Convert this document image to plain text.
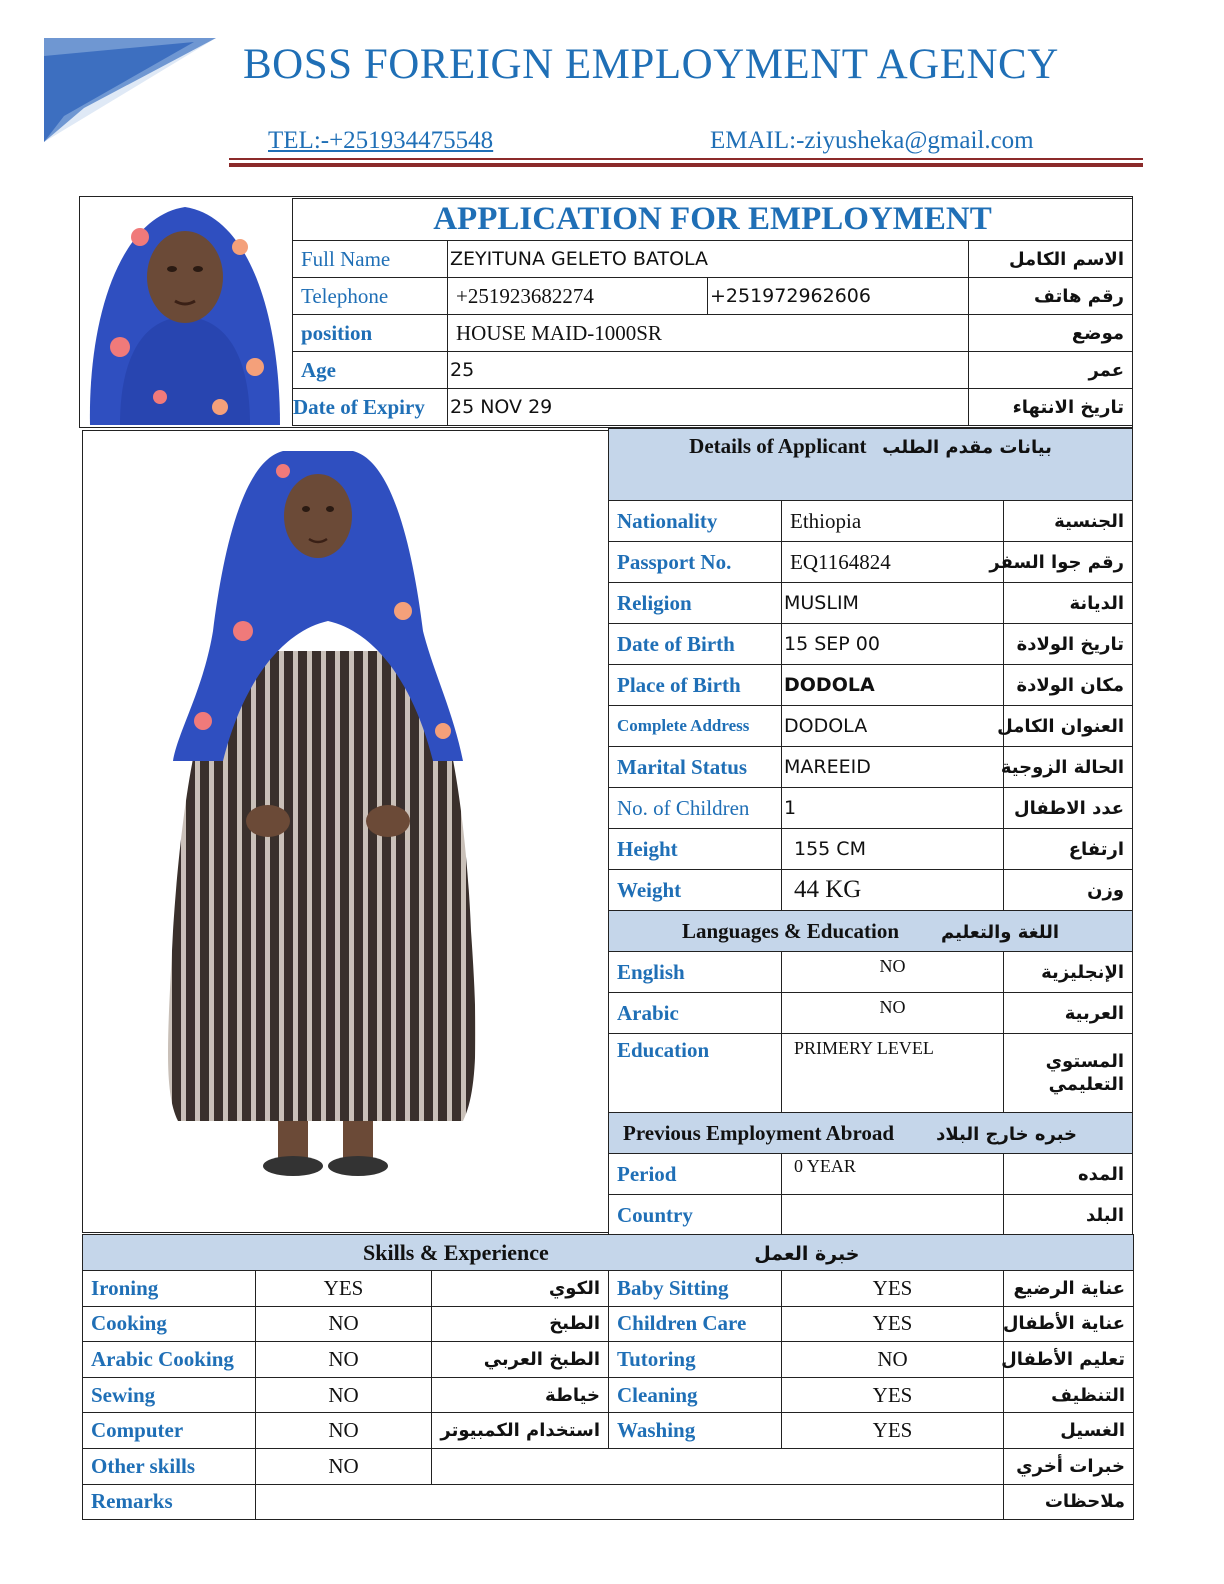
BOSS FOREIGN EMPLOYMENT AGENCY
TEL:-+251934475548	EMAIL:-ziyusheka@gmail.com
APPLICATION FOR EMPLOYMENT			
Full Name	ZEYITUNA GELETO BATOLA		الاسم الكامل
Telephone	+251923682274	+251972962606	رقم هاتف
position	HOUSE MAID-1000SR		موضع
Age	25		عمر
Date of Expiry	25 NOV 29		تاريخ الانتهاء
Details of Applicant بيانات مقدم الطلب		
Nationality	Ethiopia	الجنسية
Passport No.	EQ1164824	رقم جوا السفر
Religion	MUSLIM	الديانة
Date of Birth	15 SEP 00	تاريخ الولادة
Place of Birth	DODOLA	مكان الولادة
Complete Address	DODOLA	العنوان الكامل
Marital Status	MAREEID	الحالة الزوجية
No. of Children	1	عدد الاطفال
Height	155 CM	ارتفاع
Weight	44 KG	وزن
Languages & Education اللغة والتعليم		
English	NO	الإنجليزية
Arabic	NO	العربية
Education	PRIMERY LEVEL	المستوي التعليمي
Previous Employment Abroad خبره خارج البلاد		
Period	0 YEAR	المده
Country		البلد
Skills & Experience خبرة العمل					
Ironing	YES	الكوي	Baby Sitting	YES	عناية الرضيع
Cooking	NO	الطبخ	Children Care	YES	عناية الأطفال
Arabic Cooking	NO	الطبخ العربي	Tutoring	NO	تعليم الأطفال
Sewing	NO	خياطة	Cleaning	YES	التنظيف
Computer	NO	استخدام الكمبيوتر	Washing	YES	الغسيل
Other skills	NO				خبرات أخري
Remarks					ملاحظات
